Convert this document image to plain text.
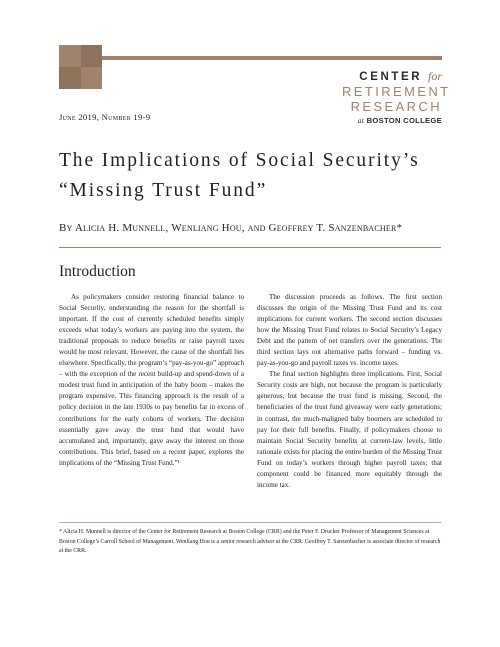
CENTER for
RETIREMENT
RESEARCH
at BOSTON COLLEGE
June 2019, Number 19-9
The Implications of Social Security’s “Missing Trust Fund”
By Alicia H. Munnell, Wenliang Hou, and Geoffrey T. Sanzenbacher*
Introduction

As policymakers consider restoring financial balance to Social Security, understanding the reason for the shortfall is important. If the cost of currently scheduled benefits simply exceeds what today’s workers are paying into the system, the traditional proposals to reduce benefits or raise payroll taxes would be most relevant. However, the cause of the shortfall lies elsewhere. Specifically, the program’s “pay-as-you-go” approach – with the exception of the recent build-up and spend-down of a modest trust fund in anticipation of the baby boom – makes the program expensive. This financing approach is the result of a policy decision in the late 1930s to pay benefits far in excess of contributions for the early cohorts of workers. The decision essentially gave away the trust fund that would have accumulated and, importantly, gave away the interest on those contributions. This brief, based on a recent paper, explores the implications of the “Missing Trust Fund.”¹

The discussion proceeds as follows. The first section discusses the origin of the Missing Trust Fund and its cost implications for current workers. The second section discusses how the Missing Trust Fund relates to Social Security’s Legacy Debt and the pattern of net transfers over the generations. The third section lays out alternative paths forward – funding vs. pay-as-you-go and payroll taxes vs. income taxes.

The final section highlights three implications. First, Social Security costs are high, not because the program is particularly generous, but because the trust fund is missing. Second, the beneficiaries of the trust fund giveaway were early generations; in contrast, the much-maligned baby boomers are scheduled to pay for their full benefits. Finally, if policymakers choose to maintain Social Security benefits at current-law levels, little rationale exists for placing the entire burden of the Missing Trust Fund on today’s workers through higher payroll taxes; that component could be financed more equitably through the income tax.

* Alicia H. Munnell is director of the Center for Retirement Research at Boston College (CRR) and the Peter F. Drucker Professor of Management Sciences at Boston College’s Carroll School of Management. Wenliang Hou is a senior research advisor at the CRR. Geoffrey T. Sanzenbacher is associate director of research at the CRR.
